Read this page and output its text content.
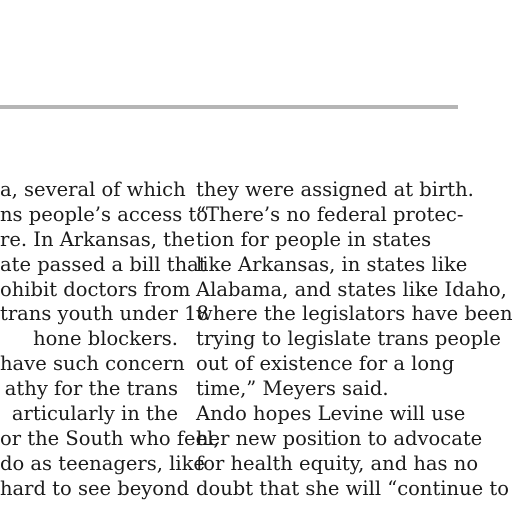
a, several of which
ns people’s access to
re. In Arkansas, the
ate passed a bill that
ohibit doctors from
trans youth under 18
hone blockers.
have such concern
athy for the trans
articularly in the
or the South who feel,
do as teenagers, like
hard to see beyond
they were assigned at birth.
“There’s no federal protec-
tion for people in states
like Arkansas, in states like
Alabama, and states like Idaho,
where the legislators have been
trying to legislate trans people
out of existence for a long
time,” Meyers said.
Ando hopes Levine will use
her new position to advocate
for health equity, and has no
doubt that she will “continue to
